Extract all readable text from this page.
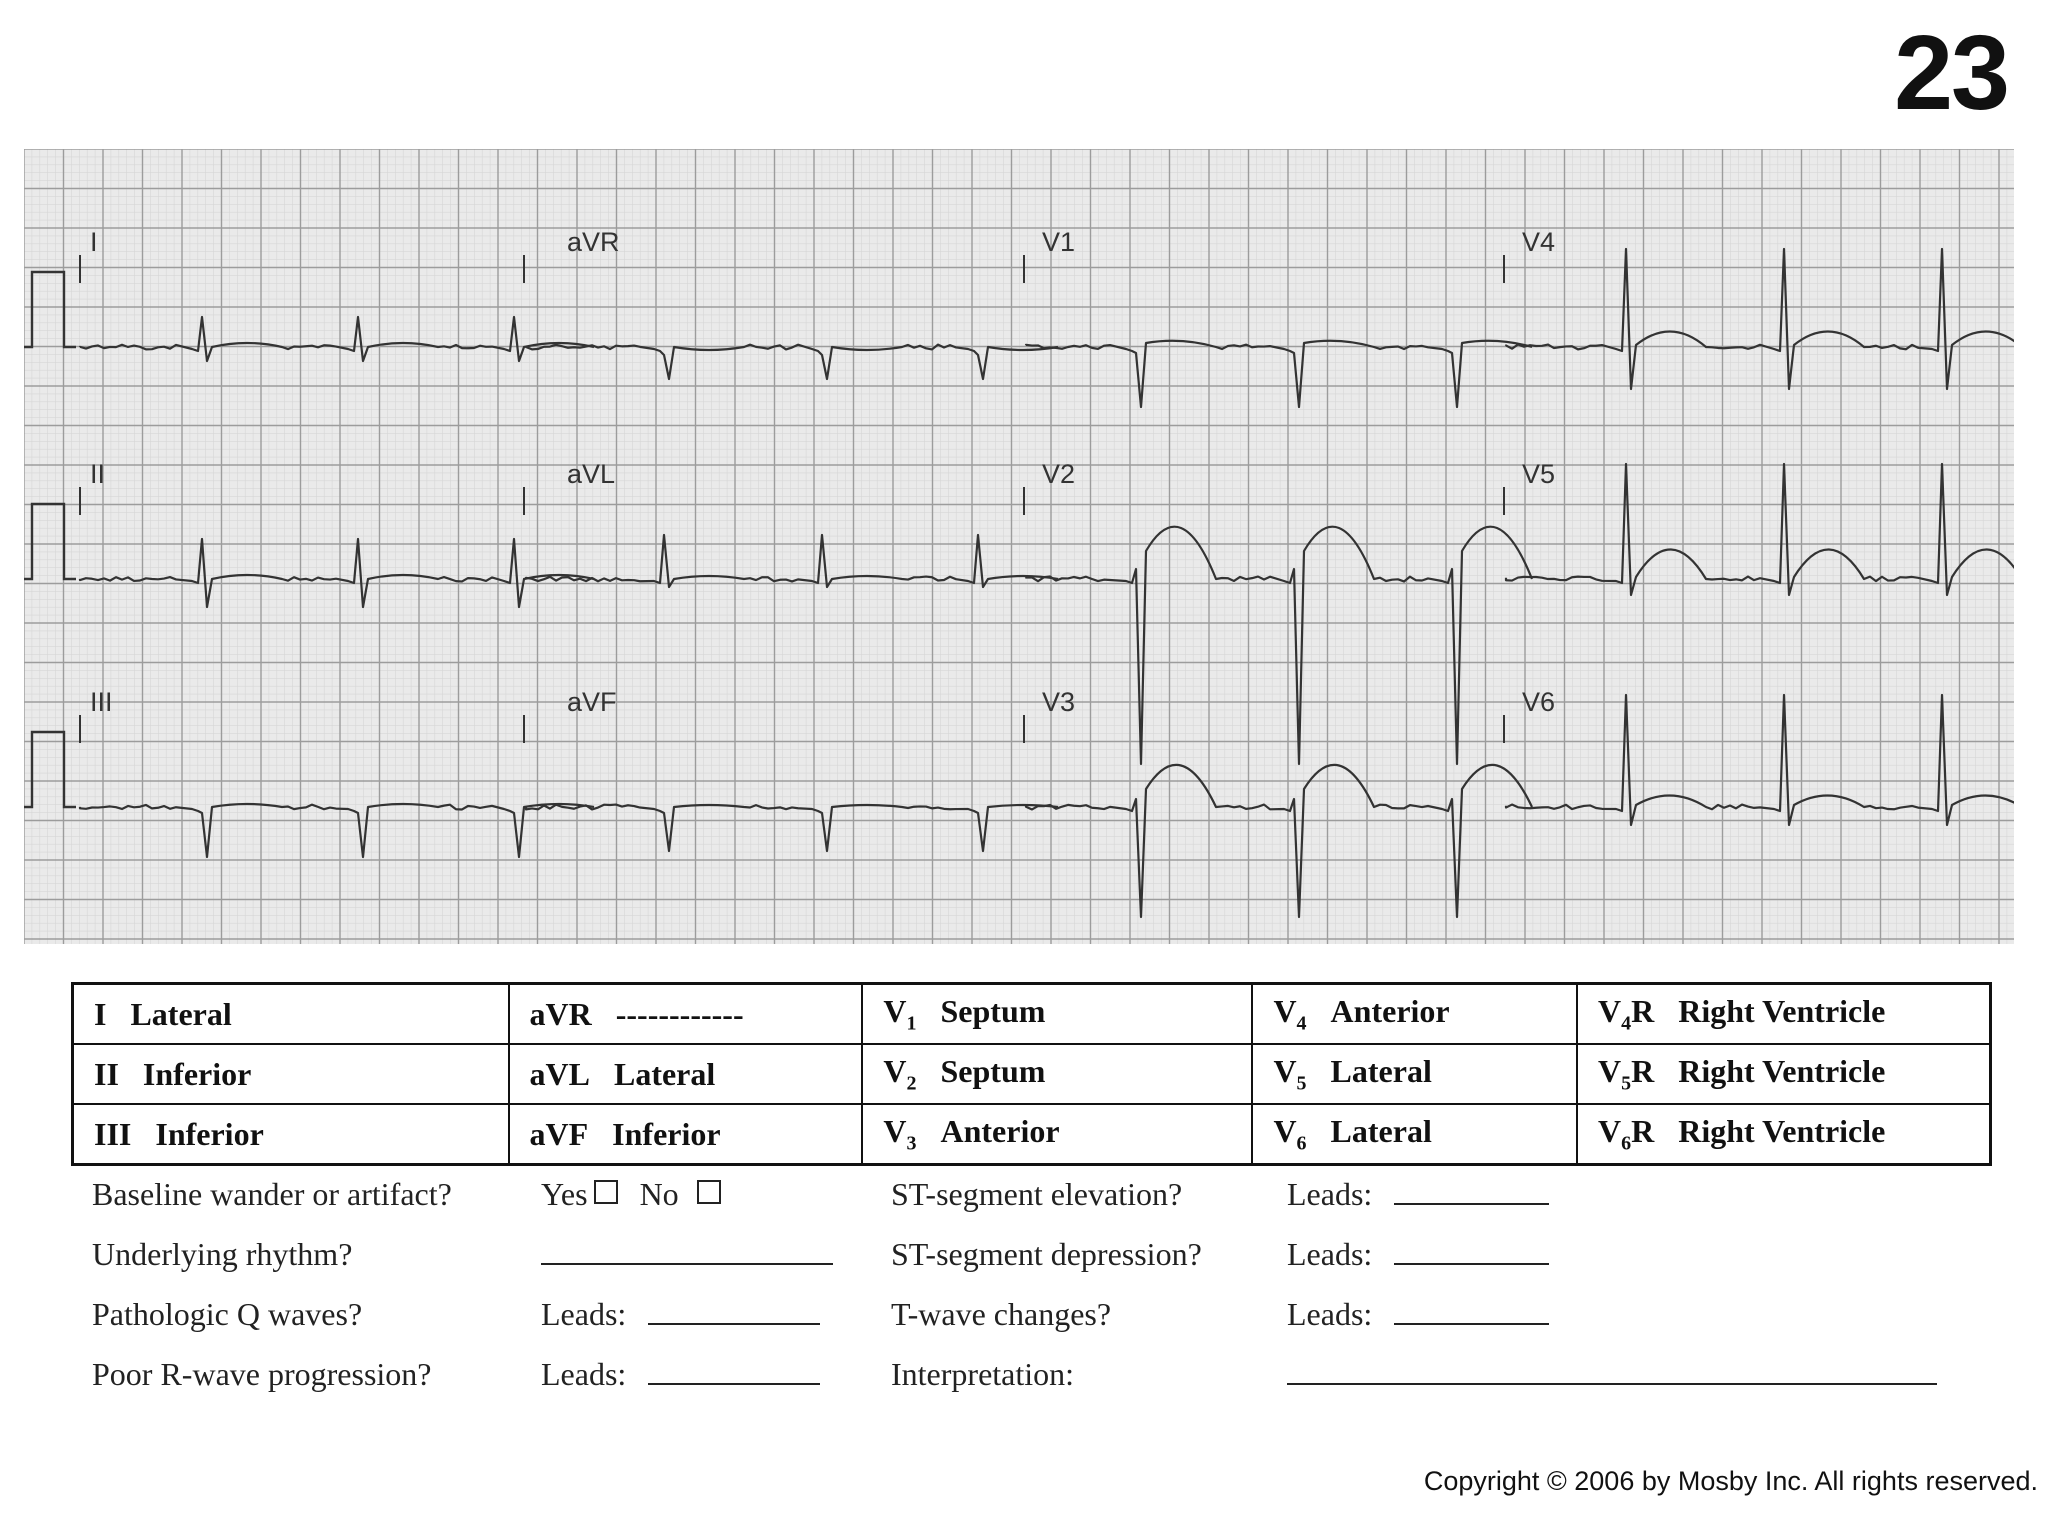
23
I	aVR	V1	V4
II	aVL	V2	V5
III	aVF	V3	V6
I Lateral	aVR ------------	$V_1$ Septum	$V_4$ Anterior	$V_4R$ Right Ventricle
II Inferior	aVL Lateral	$V_2$ Septum	$V_5$ Lateral	$V_5R$ Right Ventricle
III Inferior	aVF Inferior	$V_3$ Anterior	$V_6$ Lateral	$V_6R$ Right Ventricle
Baseline wander or artifact?	Yes No
Underlying rhythm?
Pathologic Q waves?	Leads:
Poor R-wave progression?	Leads:
ST-segment elevation?	Leads:
ST-segment depression?	Leads:
T-wave changes?	Leads:
Interpretation:
Copyright © 2006 by Mosby Inc. All rights reserved.
